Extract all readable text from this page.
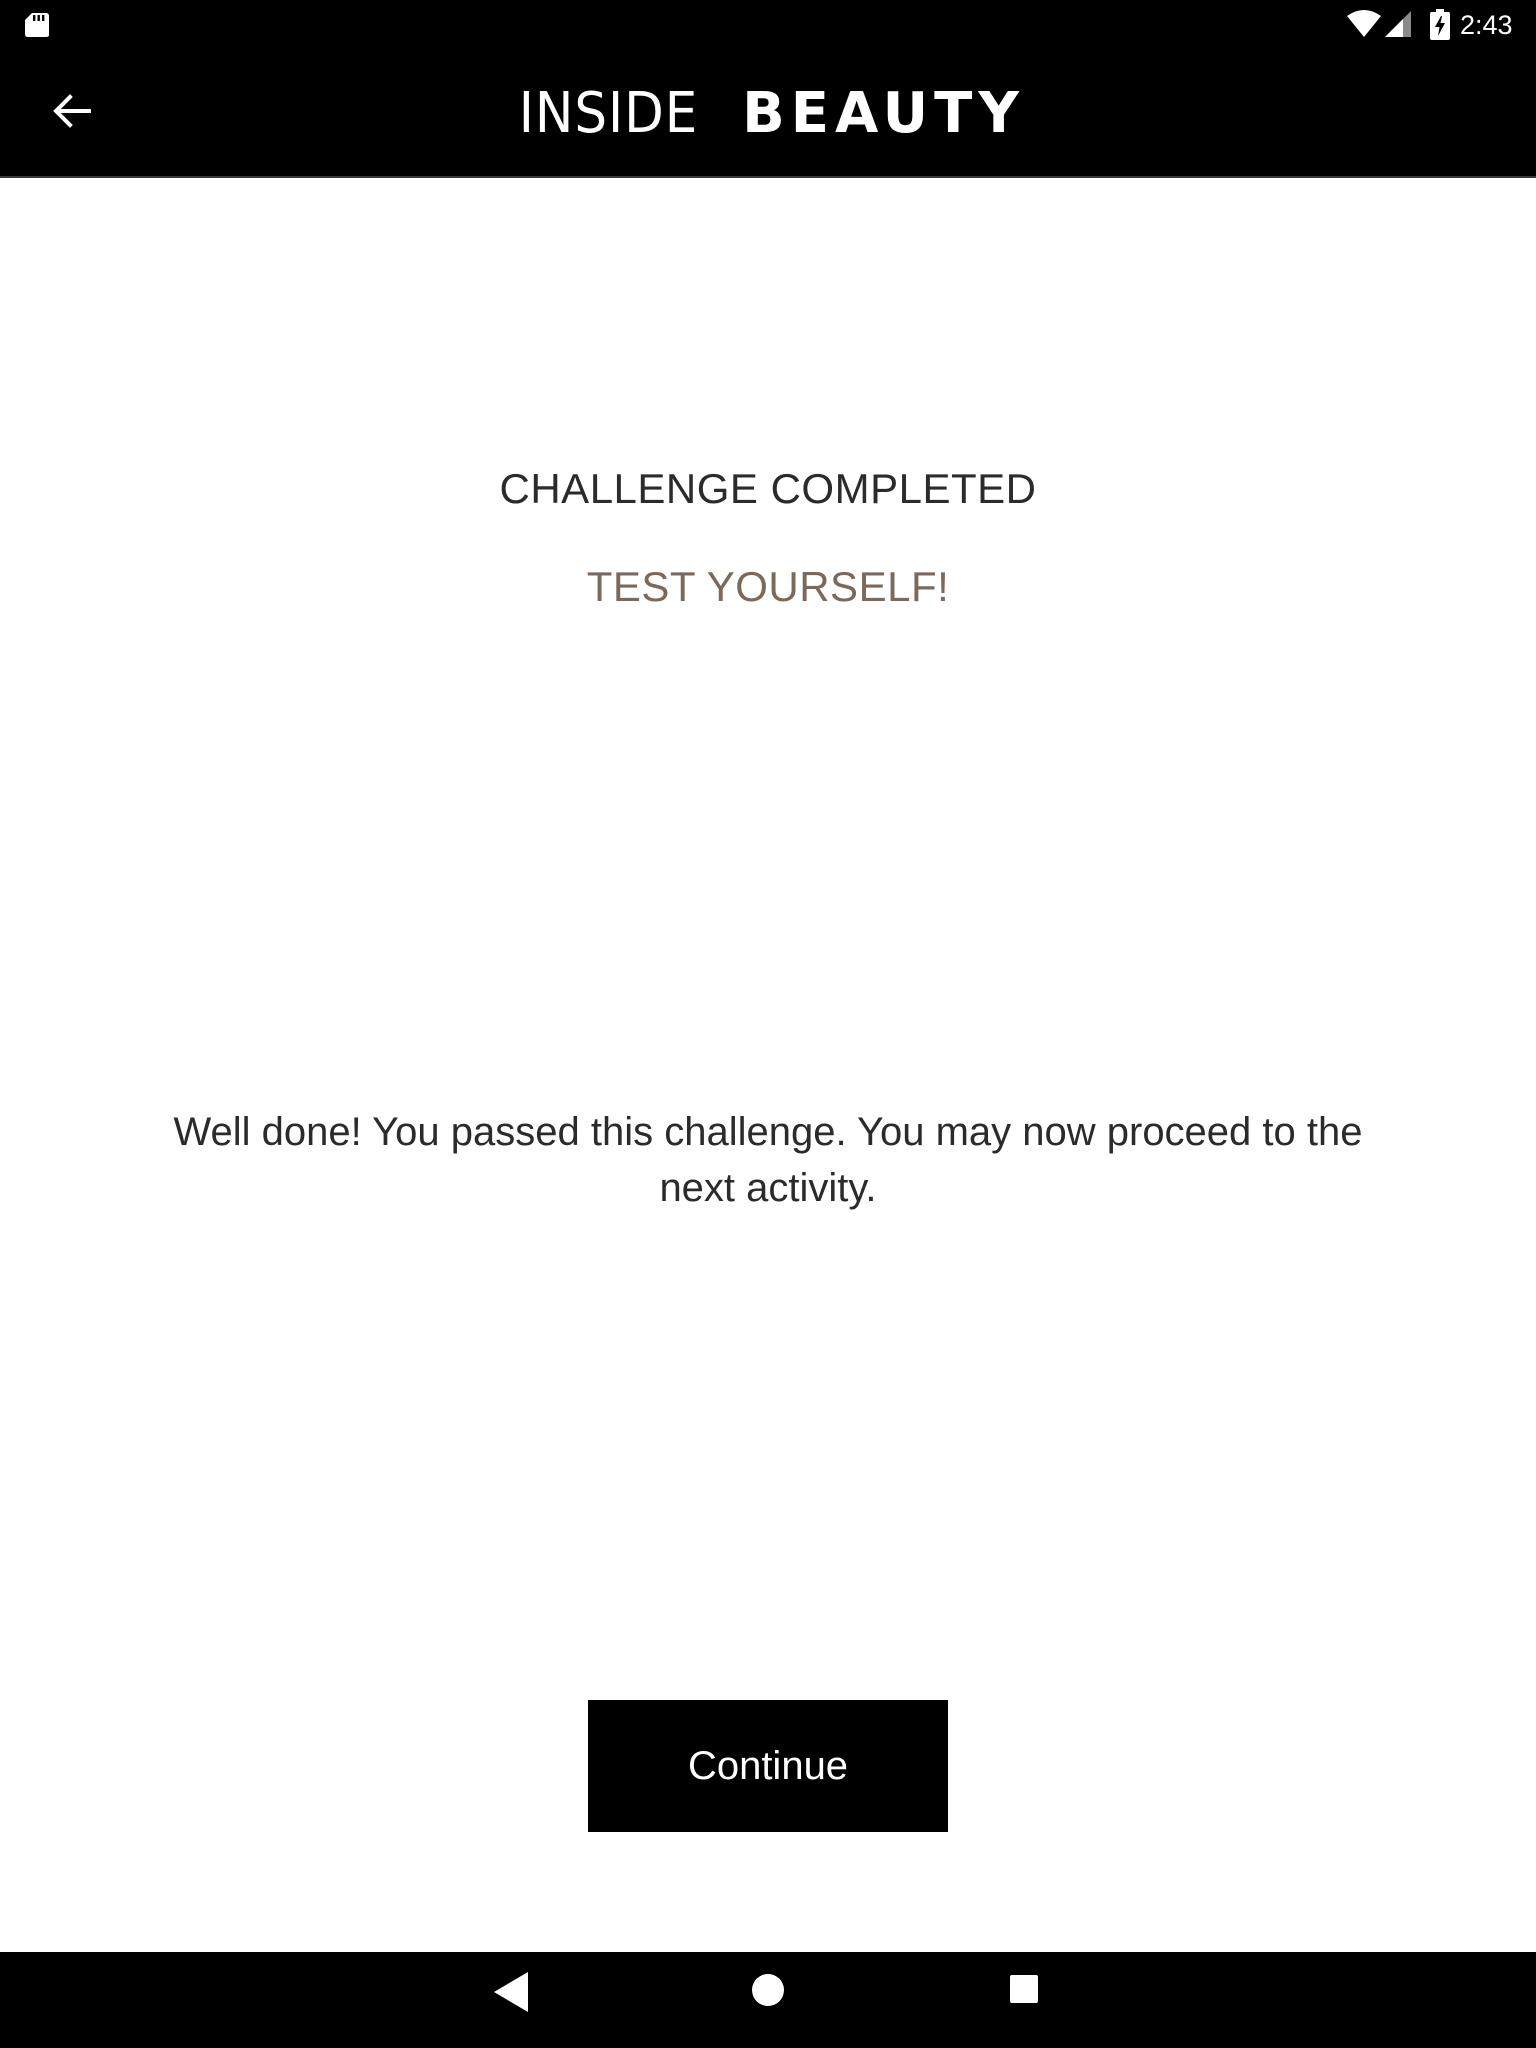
2:43
INSIDE BEAUTY
CHALLENGE COMPLETED
TEST YOURSELF!
Well done! You passed this challenge. You may now proceed to the next activity.
Continue
